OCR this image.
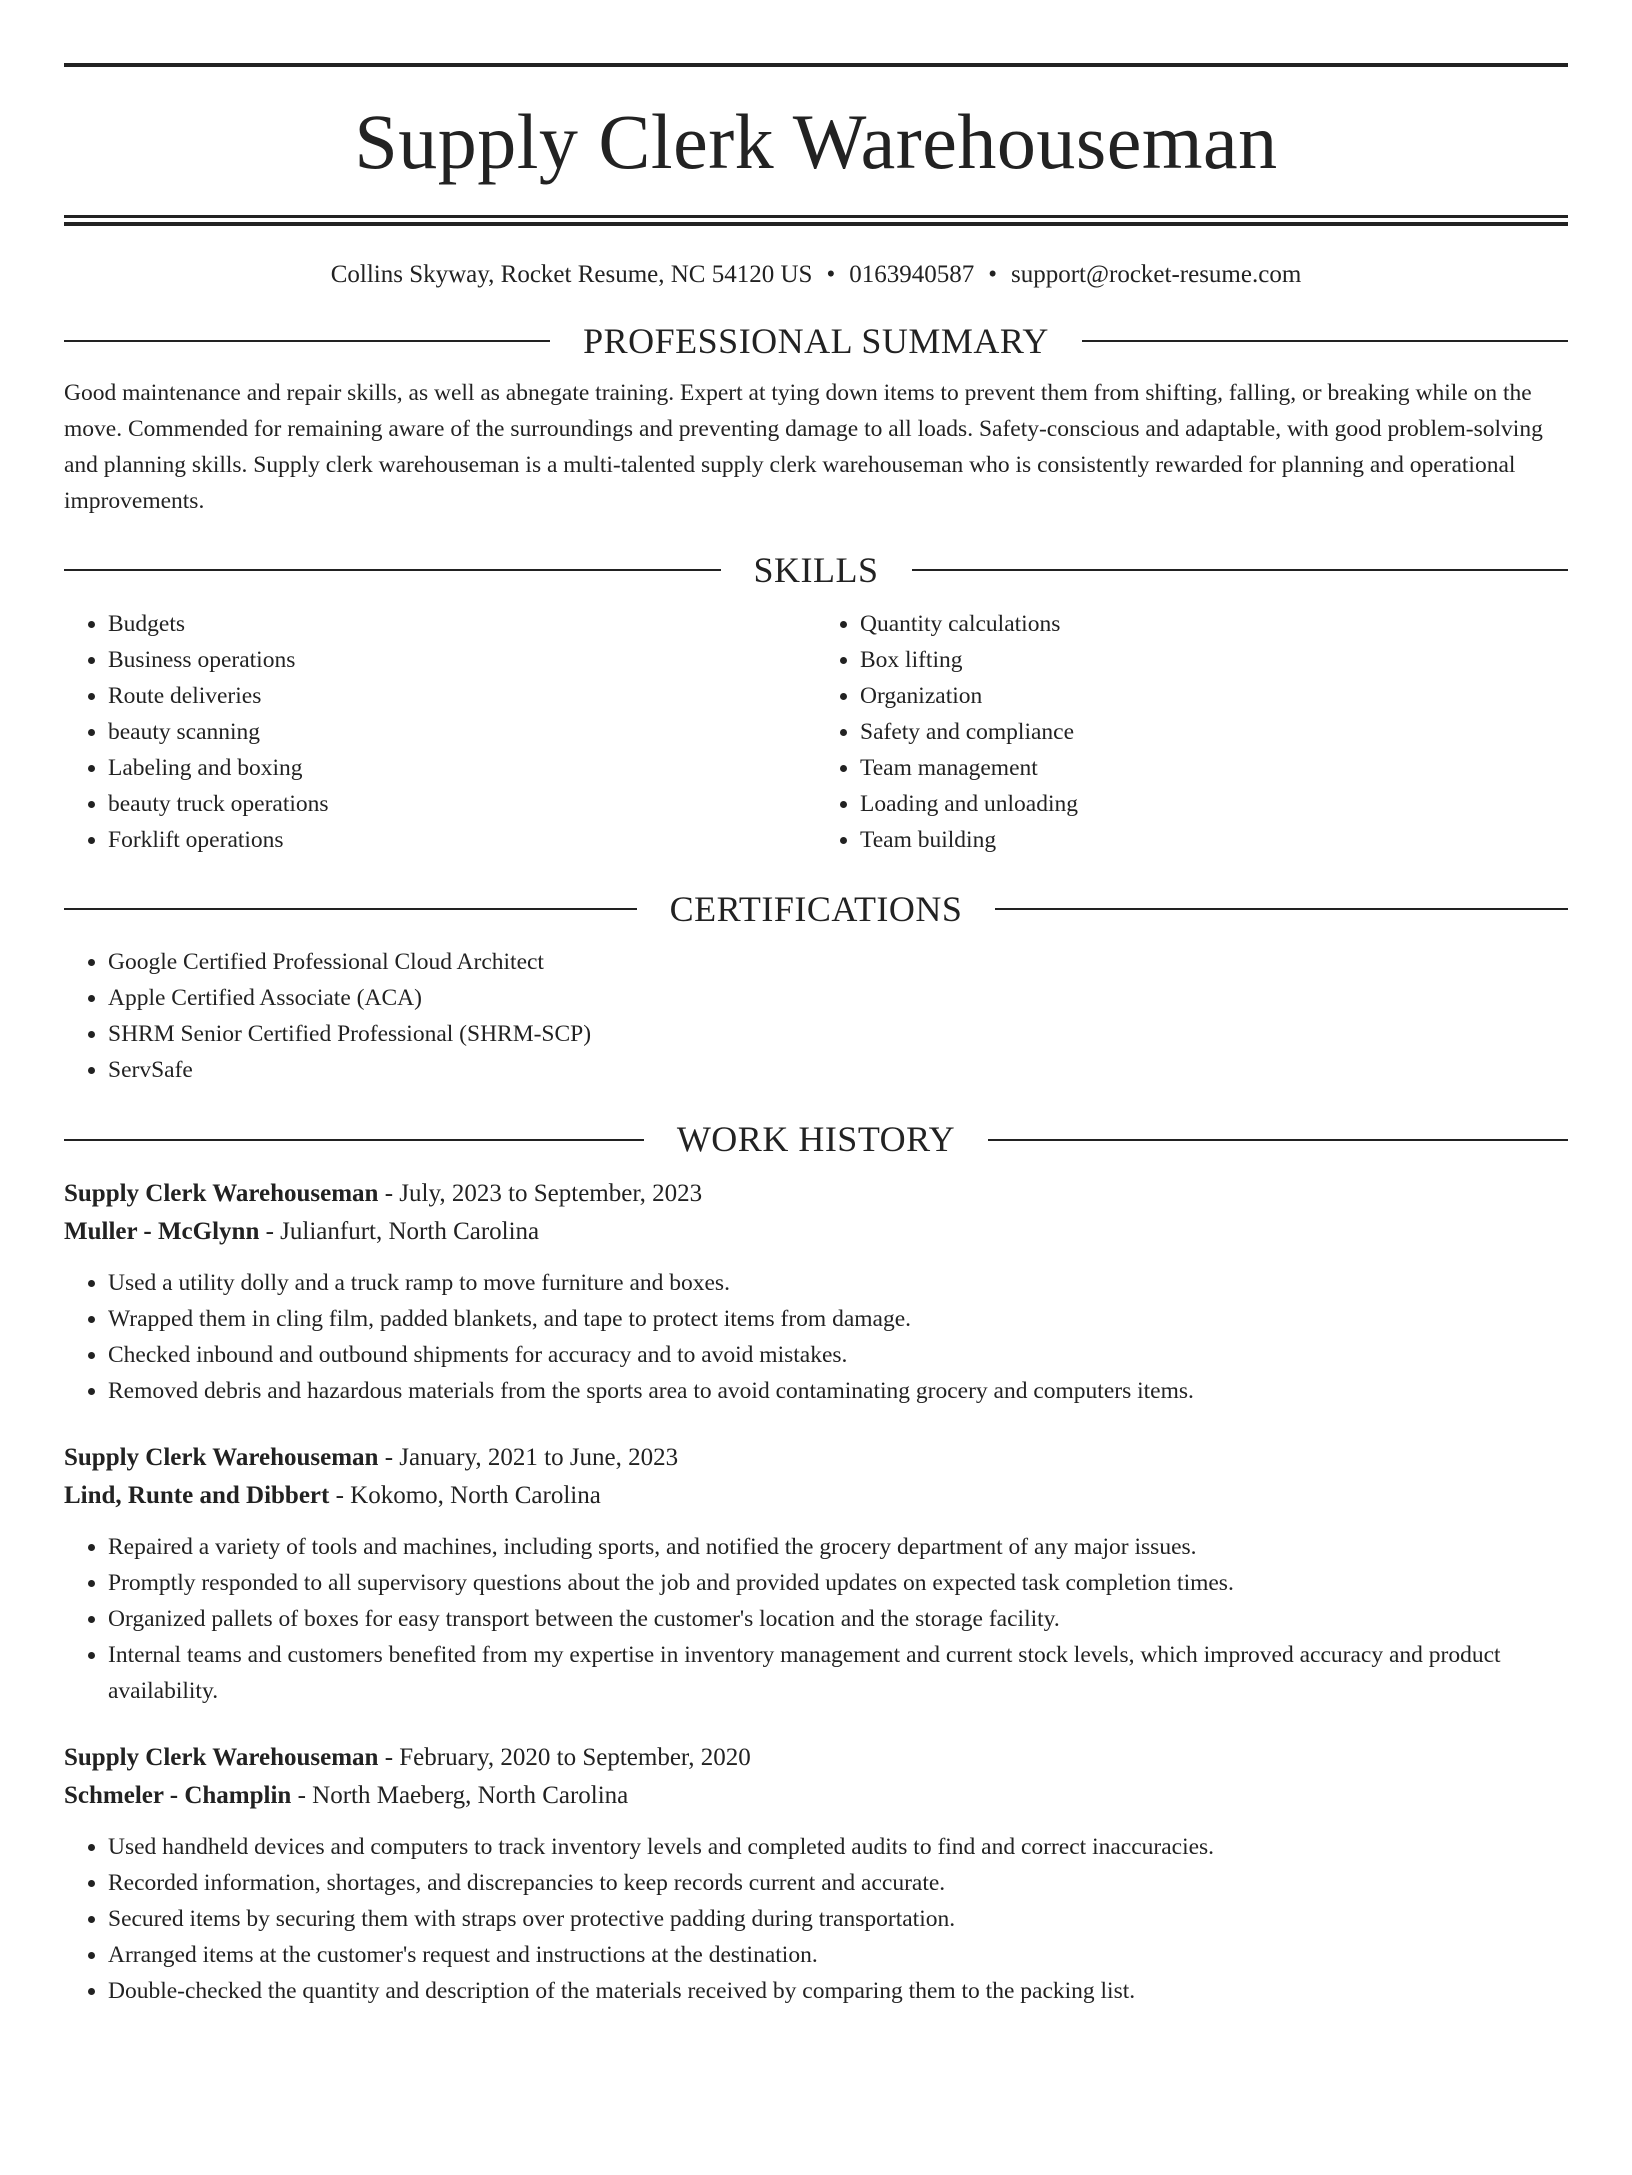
Supply Clerk Warehouseman
Collins Skyway, Rocket Resume, NC 54120 US • 0163940587 • support@rocket-resume.com
PROFESSIONAL SUMMARY

Good maintenance and repair skills, as well as abnegate training. Expert at tying down items to prevent them from shifting, falling, or breaking while on the move. Commended for remaining aware of the surroundings and preventing damage to all loads. Safety-conscious and adaptable, with good problem-solving and planning skills. Supply clerk warehouseman is a multi-talented supply clerk warehouseman who is consistently rewarded for planning and operational improvements.

SKILLS
• Budgets
• Business operations
• Route deliveries
• beauty scanning
• Labeling and boxing
• beauty truck operations
• Forklift operations
• Quantity calculations
• Box lifting
• Organization
• Safety and compliance
• Team management
• Loading and unloading
• Team building
CERTIFICATIONS
• Google Certified Professional Cloud Architect
• Apple Certified Associate (ACA)
• SHRM Senior Certified Professional (SHRM-SCP)
• ServSafe
WORK HISTORY
Supply Clerk Warehouseman - July, 2023 to September, 2023
Muller - McGlynn - Julianfurt, North Carolina
• Used a utility dolly and a truck ramp to move furniture and boxes.
• Wrapped them in cling film, padded blankets, and tape to protect items from damage.
• Checked inbound and outbound shipments for accuracy and to avoid mistakes.
• Removed debris and hazardous materials from the sports area to avoid contaminating grocery and computers items.
Supply Clerk Warehouseman - January, 2021 to June, 2023
Lind, Runte and Dibbert - Kokomo, North Carolina
• Repaired a variety of tools and machines, including sports, and notified the grocery department of any major issues.
• Promptly responded to all supervisory questions about the job and provided updates on expected task completion times.
• Organized pallets of boxes for easy transport between the customer's location and the storage facility.
• Internal teams and customers benefited from my expertise in inventory management and current stock levels, which improved accuracy and product availability.
Supply Clerk Warehouseman - February, 2020 to September, 2020
Schmeler - Champlin - North Maeberg, North Carolina
• Used handheld devices and computers to track inventory levels and completed audits to find and correct inaccuracies.
• Recorded information, shortages, and discrepancies to keep records current and accurate.
• Secured items by securing them with straps over protective padding during transportation.
• Arranged items at the customer's request and instructions at the destination.
• Double-checked the quantity and description of the materials received by comparing them to the packing list.
